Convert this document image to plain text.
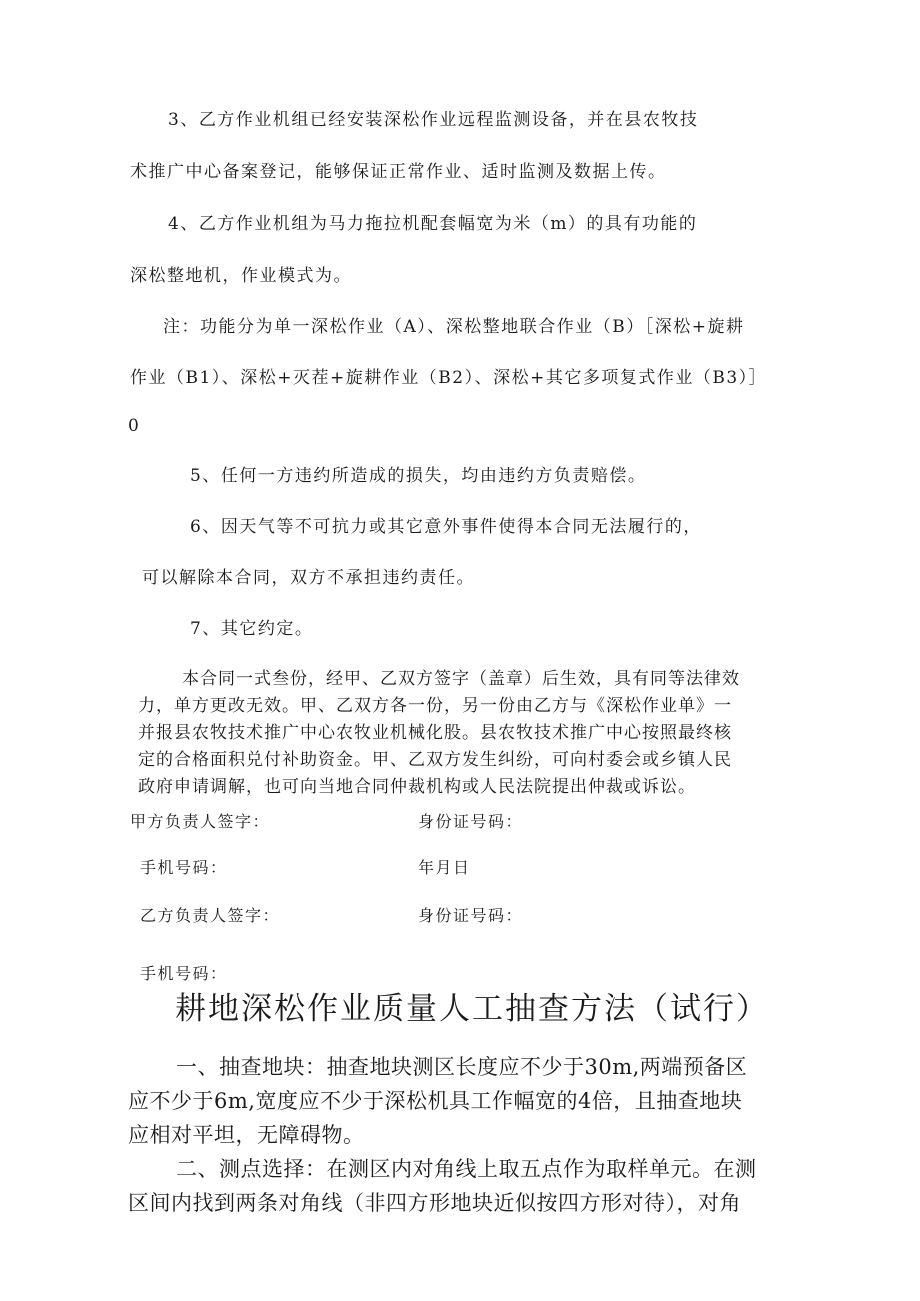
3、乙方作业机组已经安装深松作业远程监测设备，并在县农牧技
术推广中心备案登记，能够保证正常作业、适时监测及数据上传。
4、乙方作业机组为马力拖拉机配套幅宽为米（m）的具有功能的
深松整地机，作业模式为。
注：功能分为单一深松作业（A）、深松整地联合作业（B）［深松+旋耕
作业（B1）、深松+灭茬+旋耕作业（B2）、深松+其它多项复式作业（B3）］
0
5、任何一方违约所造成的损失，均由违约方负责赔偿。
6、因天气等不可抗力或其它意外事件使得本合同无法履行的，
可以解除本合同，双方不承担违约责任。
7、其它约定。

本合同一式叁份，经甲、乙双方签字（盖章）后生效，具有同等法律效

力，单方更改无效。甲、乙双方各一份，另一份由乙方与《深松作业单》一

并报县农牧技术推广中心农牧业机械化股。县农牧技术推广中心按照最终核

定的合格面积兑付补助资金。甲、乙双方发生纠纷，可向村委会或乡镇人民

政府申请调解，也可向当地合同仲裁机构或人民法院提出仲裁或诉讼。

甲方负责人签字：	身份证号码：
手机号码：	年月日
乙方负责人签字：	身份证号码：
手机号码：
耕地深松作业质量人工抽查方法（试行）
一、抽查地块：抽查地块测区长度应不少于30m,两端预备区
应不少于6m,宽度应不少于深松机具工作幅宽的4倍，且抽查地块
应相对平坦，无障碍物。
二、测点选择：在测区内对角线上取五点作为取样单元。在测
区间内找到两条对角线（非四方形地块近似按四方形对待），对角
